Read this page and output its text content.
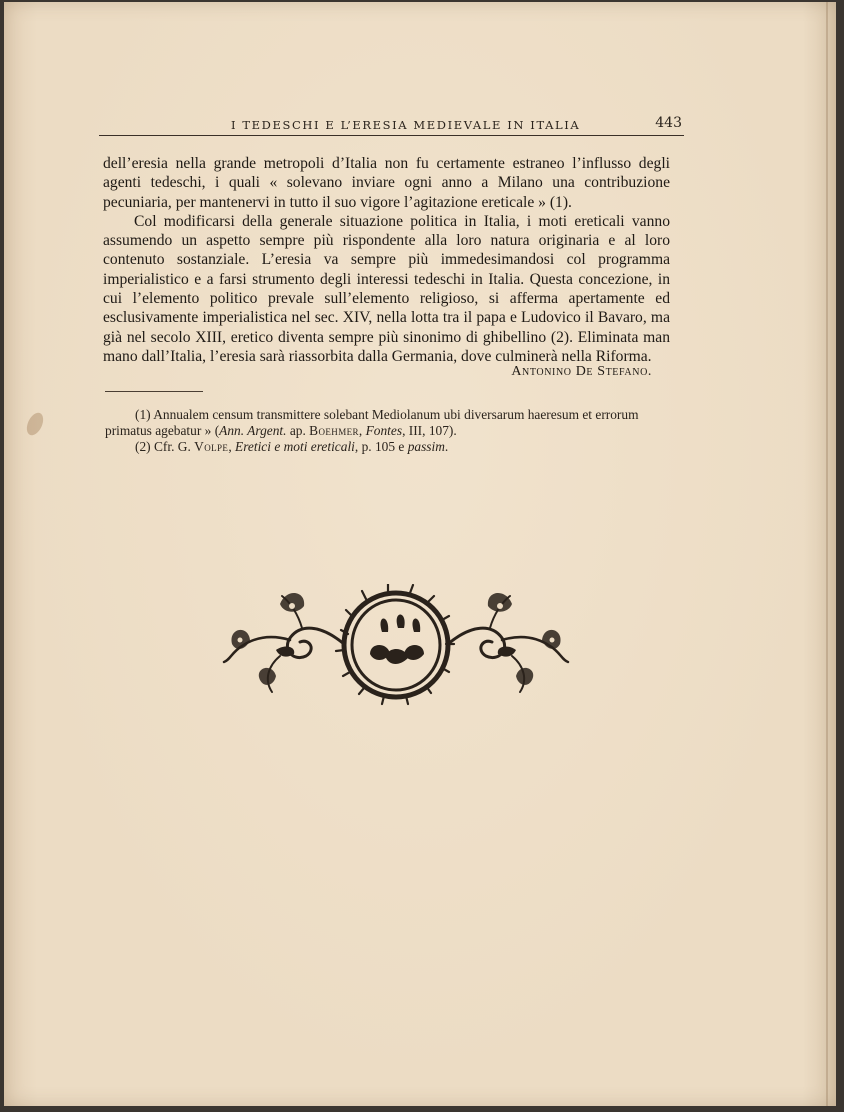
I TEDESCHI E L’ERESIA MEDIEVALE IN ITALIA	443

dell’eresia nella grande metropoli d’Italia non fu certamente estraneo l’influsso degli agenti tedeschi, i quali « solevano inviare ogni anno a Milano una contribuzione pecuniaria, per mantenervi in tutto il suo vigore l’agitazione ereticale » (1).

Col modificarsi della generale situazione politica in Italia, i moti ereticali vanno assumendo un aspetto sempre più rispondente alla loro natura originaria e al loro contenuto sostanziale. L’eresia va sempre più immedesimandosi col programma imperialistico e a farsi strumento degli interessi tedeschi in Italia. Questa concezione, in cui l’elemento politico prevale sull’elemento religioso, si afferma apertamente ed esclusivamente imperialistica nel sec. XIV, nella lotta tra il papa e Ludovico il Bavaro, ma già nel secolo XIII, eretico diventa sempre più sinonimo di ghibellino (2). Eliminata man mano dall’Italia, l’eresia sarà riassorbita dalla Germania, dove culminerà nella Riforma.

Antonino De Stefano.

(1) Annualem censum transmittere solebant Mediolanum ubi diversarum haeresum et errorum primatus agebatur » (Ann. Argent. ap. Boehmer, Fontes, III, 107).

(2) Cfr. G. Volpe, Eretici e moti ereticali, p. 105 e passim.
